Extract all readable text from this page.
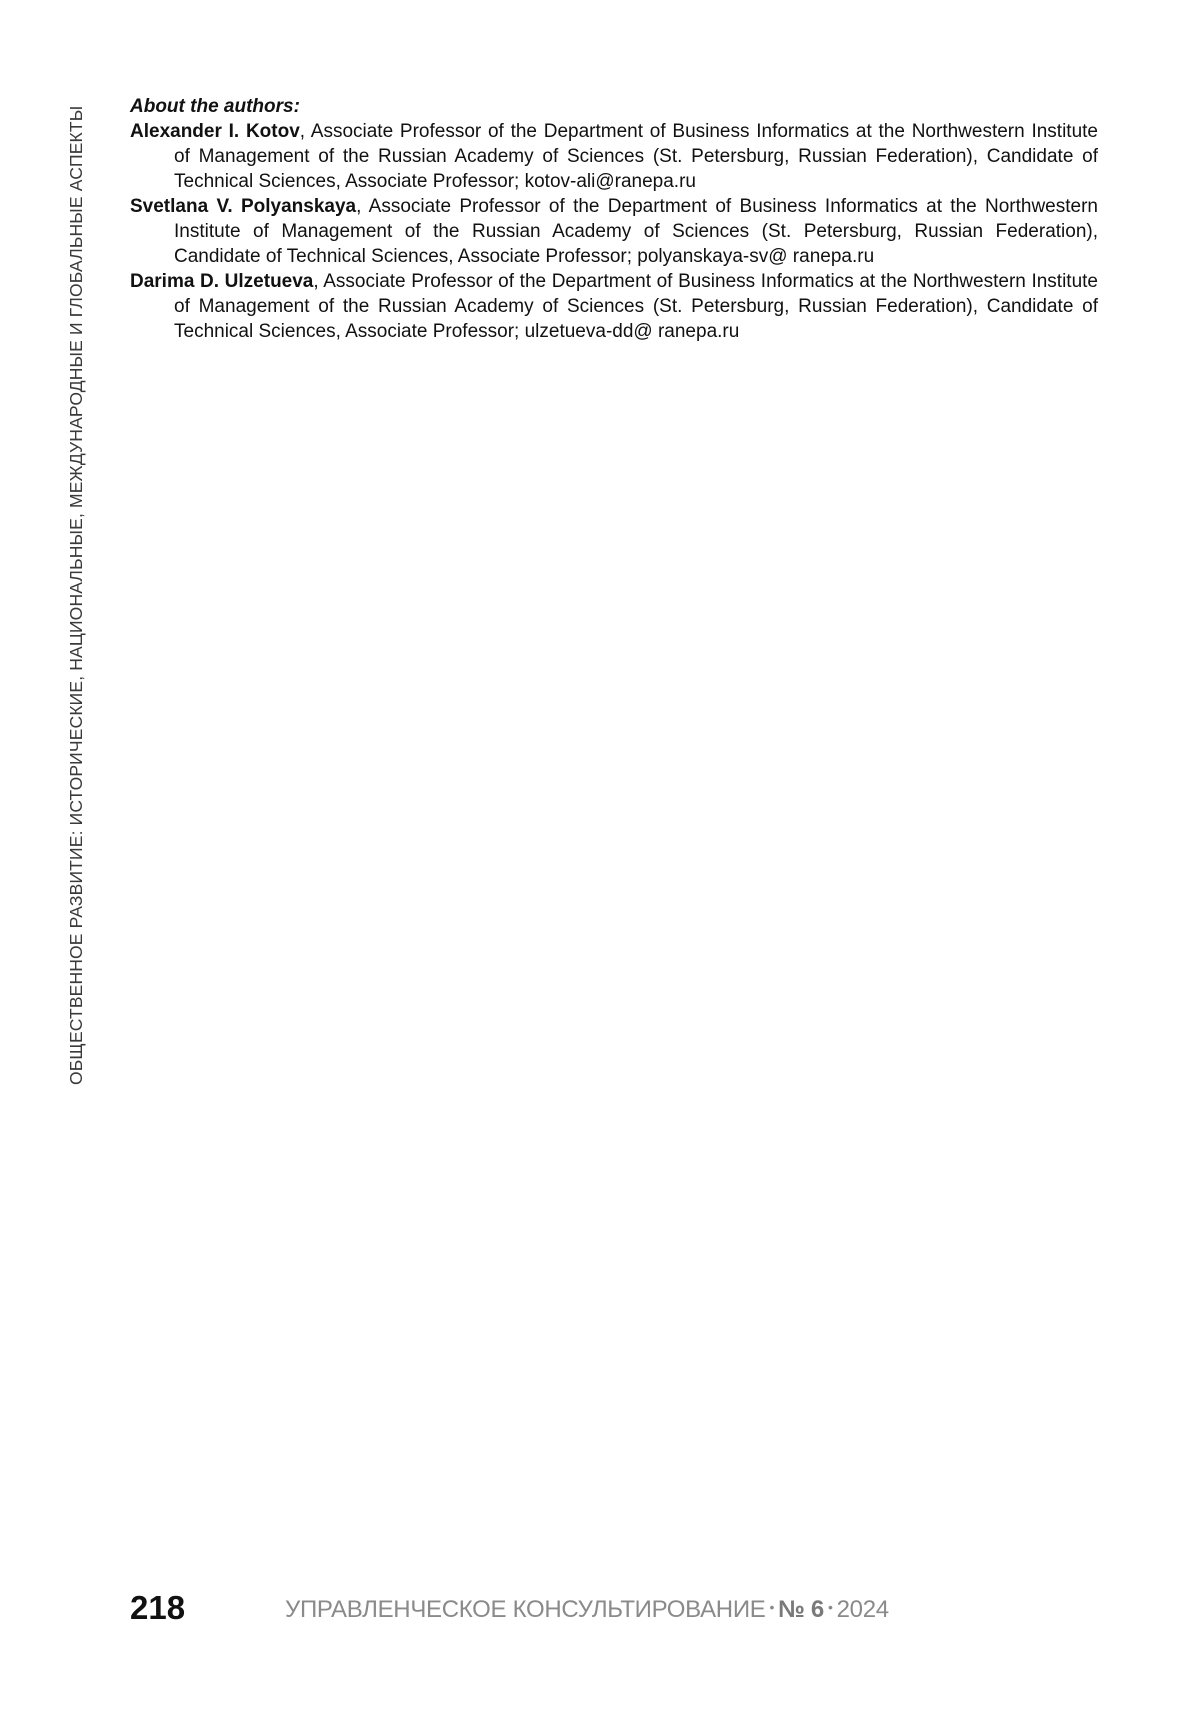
ОБЩЕСТВЕННОЕ РАЗВИТИЕ: ИСТОРИЧЕСКИЕ, НАЦИОНАЛЬНЫЕ, МЕЖДУНАРОДНЫЕ И ГЛОБАЛЬНЫЕ АСПЕКТЫ About the authors:

Alexander I. Kotov, Associate Professor of the Department of Business Informatics at the Northwestern Institute of Management of the Russian Academy of Sciences (St. Petersburg, Russian Federation), Candidate of Technical Sciences, Associate Professor; kotov-ali@ranepa.ru

Svetlana V. Polyanskaya, Associate Professor of the Department of Business Informatics at the Northwestern Institute of Management of the Russian Academy of Sciences (St. Petersburg, Russian Federation), Candidate of Technical Sciences, Associate Professor; polyanskaya-sv@ ranepa.ru

Darima D. Ulzetueva, Associate Professor of the Department of Business Informatics at the Northwestern Institute of Management of the Russian Academy of Sciences (St. Petersburg, Russian Federation), Candidate of Technical Sciences, Associate Professor; ulzetueva-dd@ ranepa.ru

218	УПРАВЛЕНЧЕСКОЕ КОНСУЛЬТИРОВАНИЕ • № 6 • 2024
